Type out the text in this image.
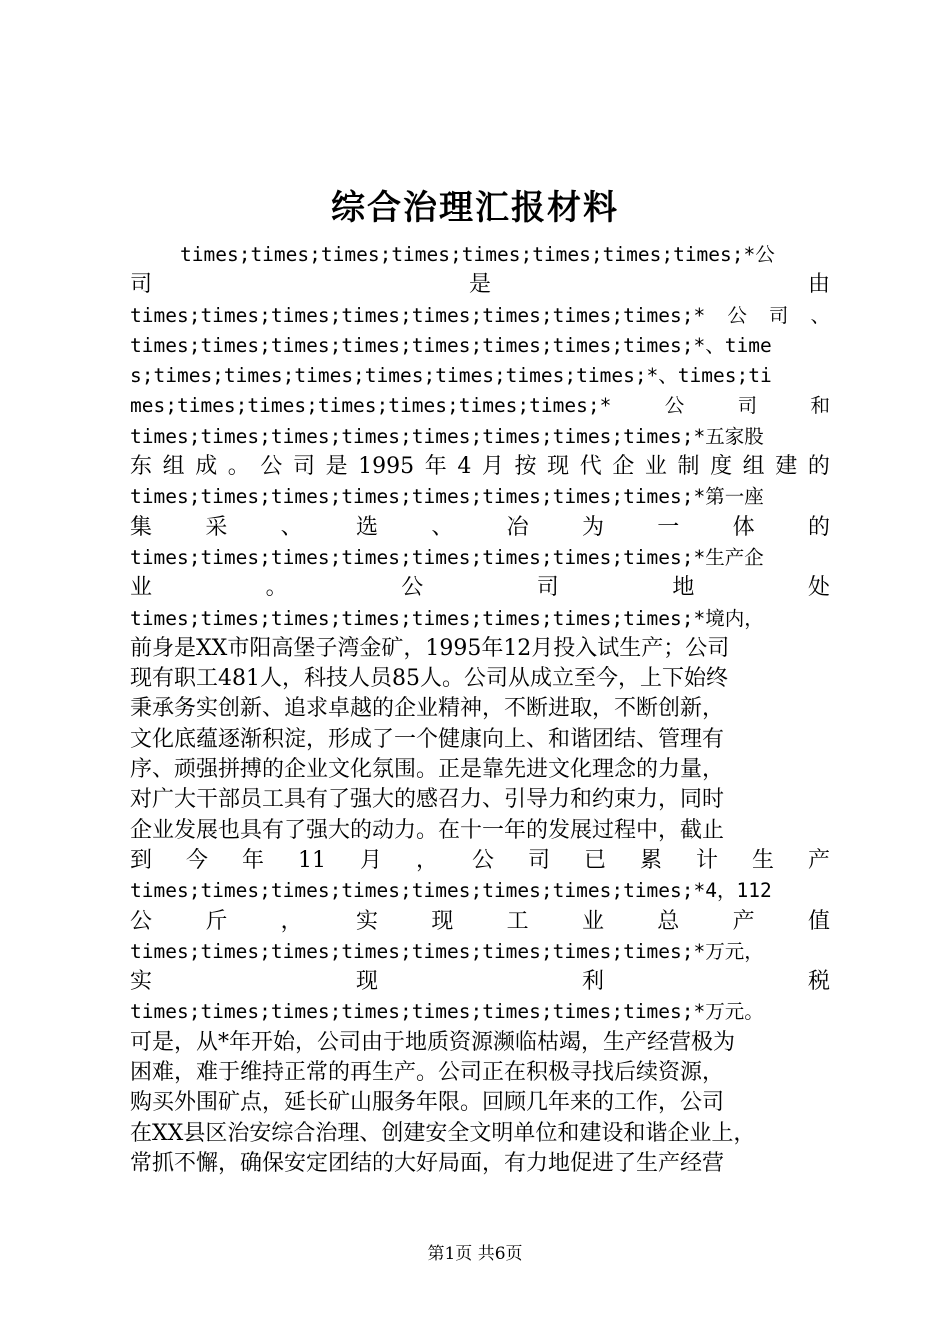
综合治理汇报材料
times;times;times;times;times;times;times;times;*公
司	是	由
times;times;times;times;times;times;times;times;* 公 司 、
times;times;times;times;times;times;times;times;*、time
s;times;times;times;times;times;times;times;*、times;ti
mes;times;times;times;times;times;times;*	公	司	和
times;times;times;times;times;times;times;times;*五家股
东 组 成 。 公 司 是 1995 年 4 月 按 现 代 企 业 制 度 组 建 的
times;times;times;times;times;times;times;times;*第一座
集 采 、 选 、 冶 为 一 体 的
times;times;times;times;times;times;times;times;*生产企
业	。	公	司	地	处
times;times;times;times;times;times;times;times;*境内，
前身是XX市阳高堡子湾金矿，1995年12月投入试生产；公司
现有职工481人，科技人员85人。公司从成立至今，上下始终
秉承务实创新、追求卓越的企业精神，不断进取，不断创新，
文化底蕴逐渐积淀，形成了一个健康向上、和谐团结、管理有
序、顽强拼搏的企业文化氛围。正是靠先进文化理念的力量，
对广大干部员工具有了强大的感召力、引导力和约束力，同时
企业发展也具有了强大的动力。在十一年的发展过程中，截止
到 今 年 11 月 ， 公 司 已 累 计 生 产
times;times;times;times;times;times;times;times;*4，112
公 斤 ， 实 现 工 业 总 产 值
times;times;times;times;times;times;times;times;*万元，
实	现	利	税
times;times;times;times;times;times;times;times;*万元。
可是，从*年开始，公司由于地质资源濒临枯竭，生产经营极为
困难，难于维持正常的再生产。公司正在积极寻找后续资源，
购买外围矿点，延长矿山服务年限。回顾几年来的工作，公司
在XX县区治安综合治理、创建安全文明单位和建设和谐企业上，
常抓不懈，确保安定团结的大好局面，有力地促进了生产经营
第1页 共6页
